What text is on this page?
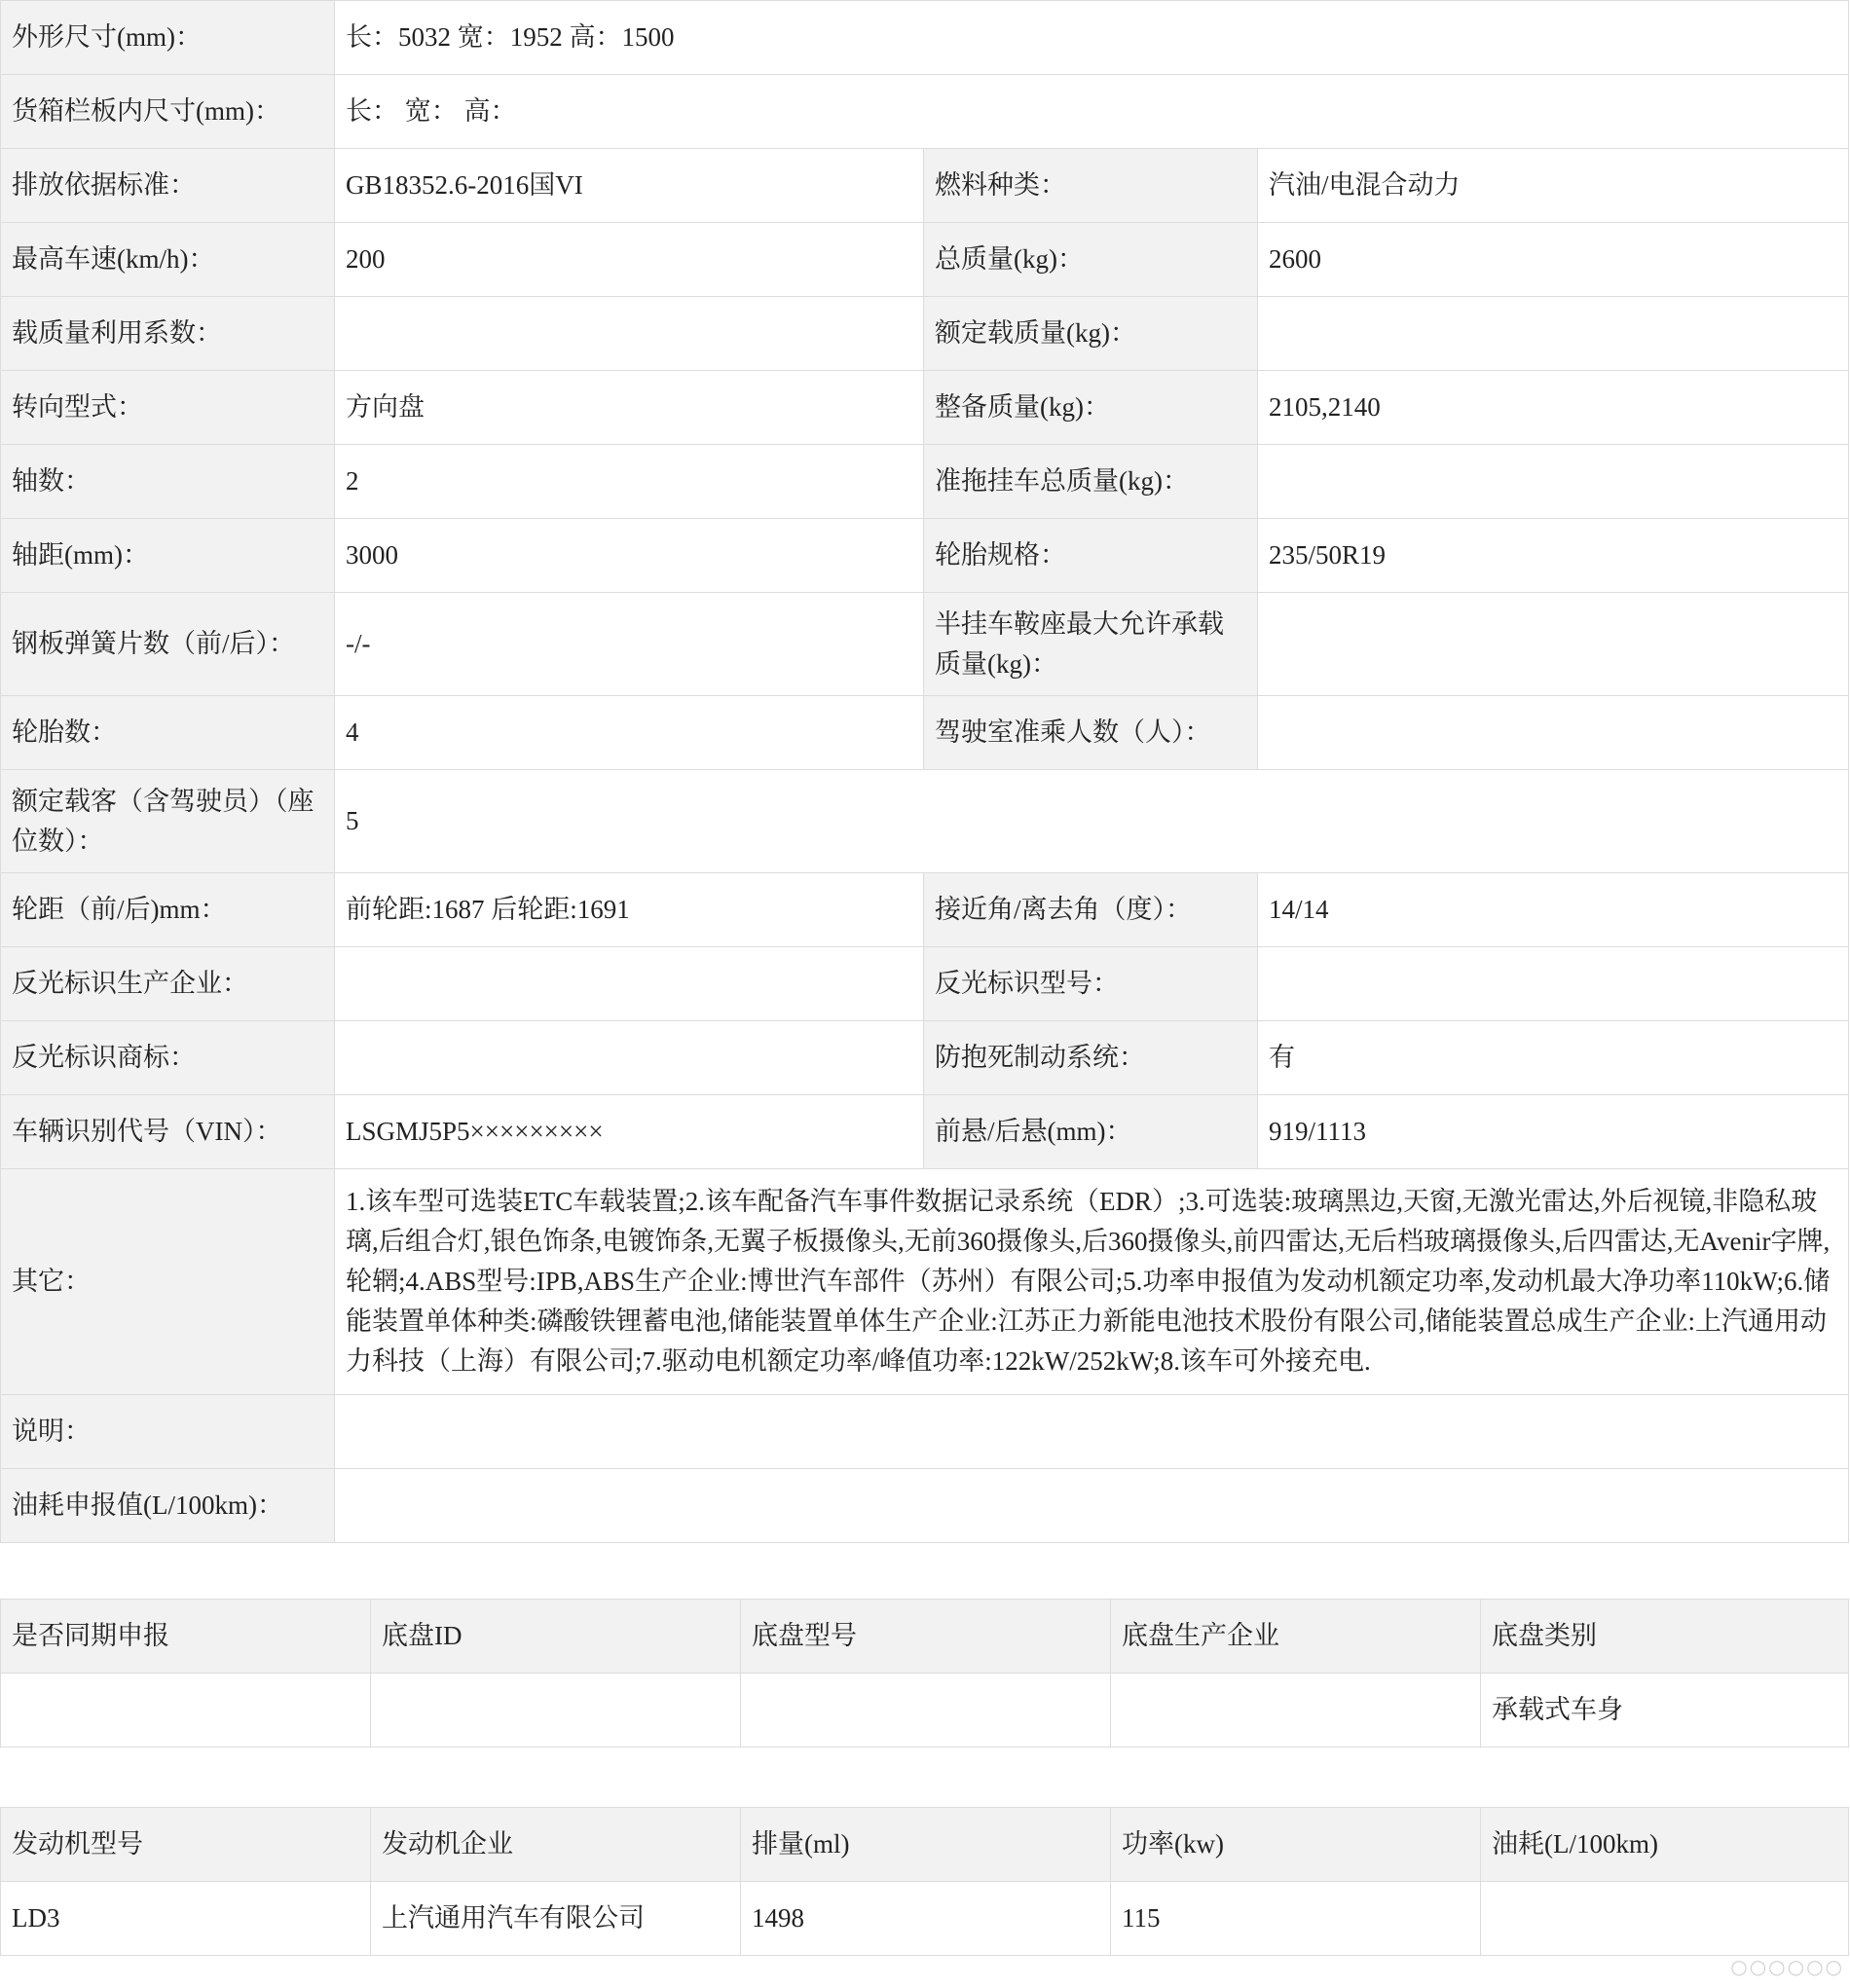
外形尺寸(mm)：	长：5032 宽：1952 高：1500		
货箱栏板内尺寸(mm)：	长： 宽： 高：		
排放依据标准：	GB18352.6-2016国VI	燃料种类：	汽油/电混合动力
最高车速(km/h)：	200	总质量(kg)：	2600
载质量利用系数：		额定载质量(kg)：	
转向型式：	方向盘	整备质量(kg)：	2105,2140
轴数：	2	准拖挂车总质量(kg)：	
轴距(mm)：	3000	轮胎规格：	235/50R19
钢板弹簧片数（前/后）：	-/-	半挂车鞍座最大允许承载质量(kg)：	
轮胎数：	4	驾驶室准乘人数（人）：	
额定载客（含驾驶员）（座位数）：	5		
轮距（前/后)mm：	前轮距:1687 后轮距:1691	接近角/离去角（度）：	14/14
反光标识生产企业：		反光标识型号：	
反光标识商标：		防抱死制动系统：	有
车辆识别代号（VIN）：	LSGMJ5P5×××××××××	前悬/后悬(mm)：	919/1113
其它：	1.该车型可选装ETC车载装置;2.该车配备汽车事件数据记录系统（EDR）;3.可选装:玻璃黑边,天窗,无激光雷达,外后视镜,非隐私玻璃,后组合灯,银色饰条,电镀饰条,无翼子板摄像头,无前360摄像头,后360摄像头,前四雷达,无后档玻璃摄像头,后四雷达,无Avenir字牌,轮辋;4.ABS型号:IPB,ABS生产企业:博世汽车部件（苏州）有限公司;5.功率申报值为发动机额定功率,发动机最大净功率110kW;6.储能装置单体种类:磷酸铁锂蓄电池,储能装置单体生产企业:江苏正力新能电池技术股份有限公司,储能装置总成生产企业:上汽通用动力科技（上海）有限公司;7.驱动电机额定功率/峰值功率:122kW/252kW;8.该车可外接充电.		
说明：			
油耗申报值(L/100km)：			
是否同期申报	底盘ID	底盘型号	底盘生产企业	底盘类别
				承载式车身
发动机型号	发动机企业	排量(ml)	功率(kw)	油耗(L/100km)
LD3	上汽通用汽车有限公司	1498	115	
○○○○○○
